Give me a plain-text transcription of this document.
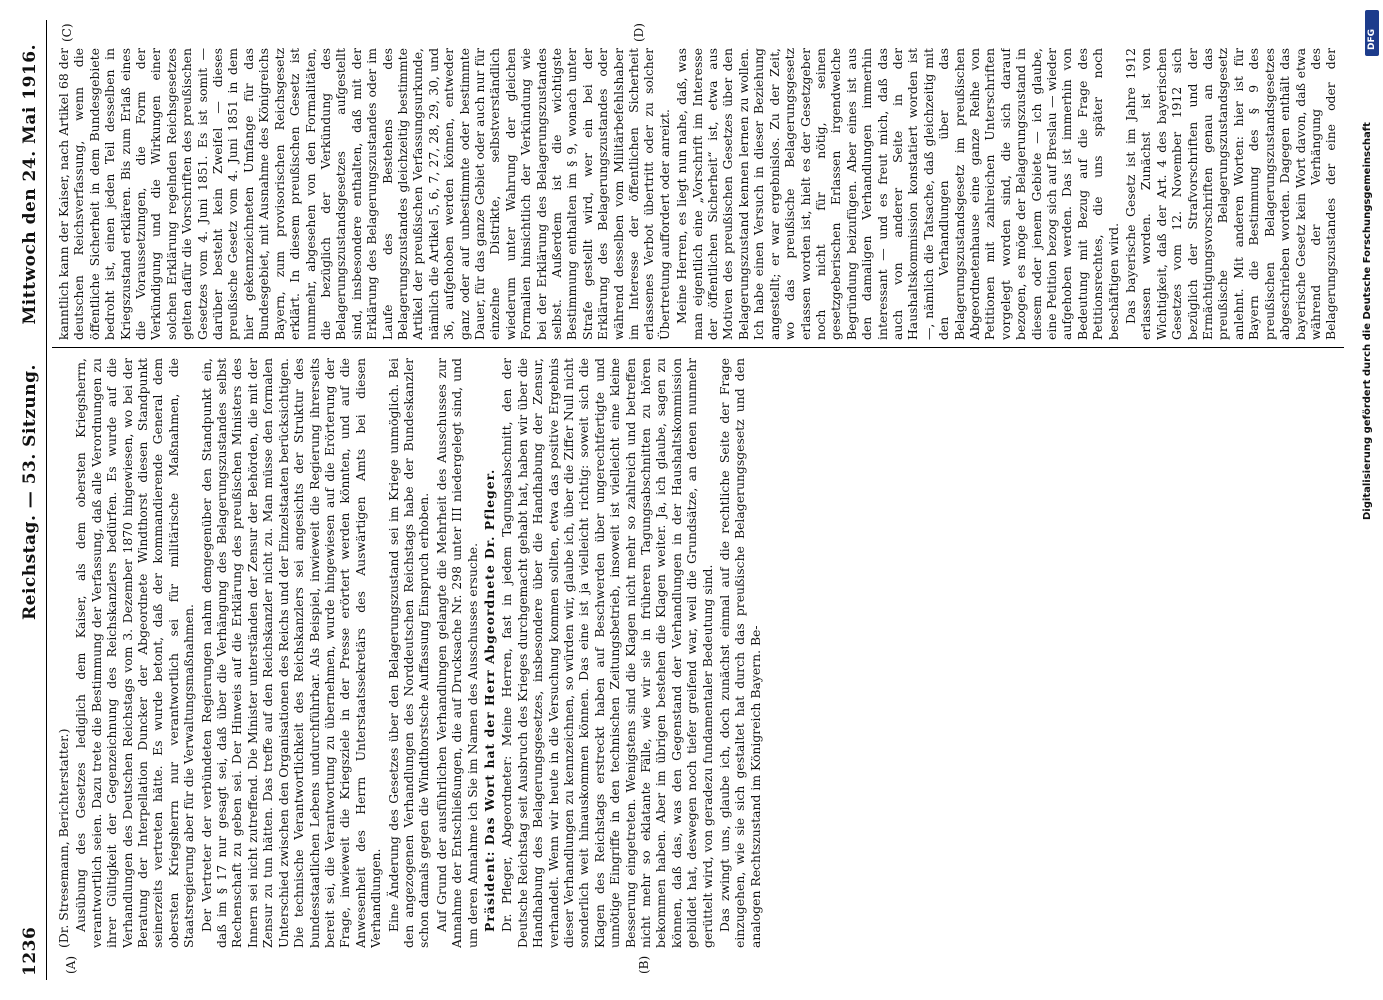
1236
Reichstag. — 53. Sitzung.
Mittwoch den 24. Mai 1916.
(A)	(B)
(C)	(D)

(Dr. Stresemann, Berichterstatter.) Ausübung des Gesetzes lediglich dem Kaiser, als dem obersten Kriegsherrn, verantwortlich seien. Dazu trete die Bestimmung der Verfassung, daß alle Verordnungen zu ihrer Gültigkeit der Gegenzeichnung des Reichskanzlers bedürfen. Es wurde auf die Verhandlungen des Deutschen Reichstags vom 3. Dezember 1870 hingewiesen, wo bei der Beratung der Interpellation Duncker der Abgeordnete Windthorst diesen Standpunkt seinerzeits vertreten hätte. Es wurde betont, daß der kommandierende General dem obersten Kriegsherrn nur verantwortlich sei für militärische Maßnahmen, die Staatsregierung aber für die Verwaltungsmaßnahmen. Der Vertreter der verbündeten Regierungen nahm demgegenüber den Standpunkt ein, daß im § 17 nur gesagt sei, daß über die Verhängung des Belagerungszustandes selbst Rechenschaft zu geben sei. Der Hinweis auf die Erklärung des preußischen Ministers des Innern sei nicht zutreffend. Die Minister unterständen der Zensur der Behörden, die mit der Zensur zu tun hätten. Das treffe auf den Reichskanzler nicht zu. Man müsse den formalen Unterschied zwischen den Organisationen des Reichs und der Einzelstaaten berücksichtigen. Die technische Verantwortlichkeit des Reichskanzlers sei angesichts der Struktur des bundesstaatlichen Lebens undurchführbar. Als Beispiel, inwieweit die Regierung ihrerseits bereit sei, die Verantwortung zu übernehmen, wurde hingewiesen auf die Erörterung der Frage, inwieweit die Kriegsziele in der Presse erörtert werden könnten, und auf die Anwesenheit des Herrn Unterstaatssekretärs des Auswärtigen Amts bei diesen Verhandlungen. Eine Änderung des Gesetzes über den Belagerungszustand sei im Kriege unmöglich. Bei den angezogenen Verhandlungen des Norddeutschen Reichstags habe der Bundeskanzler schon damals gegen die Windthorstsche Auffassung Einspruch erhoben. Auf Grund der ausführlichen Verhandlungen gelangte die Mehrheit des Ausschusses zur Annahme der Entschließungen, die auf Drucksache Nr. 298 unter III niedergelegt sind, und um deren Annahme ich Sie im Namen des Ausschusses ersuche. Präsident: Das Wort hat der Herr Abgeordnete Dr. Pfleger. Dr. Pfleger, Abgeordneter: Meine Herren, fast in jedem Tagungsabschnitt, den der Deutsche Reichstag seit Ausbruch des Krieges durchgemacht gehabt hat, haben wir über die Handhabung des Belagerungsgesetzes, insbesondere über die Handhabung der Zensur, verhandelt. Wenn wir heute in die Versuchung kommen sollten, etwa das positive Ergebnis dieser Verhandlungen zu kennzeichnen, so würden wir, glaube ich, über die Ziffer Null nicht sonderlich weit hinauskommen können. Das eine ist ja vielleicht richtig: soweit sich die Klagen des Reichstags erstreckt haben auf Beschwerden über ungerechtfertigte und unnötige Eingriffe in den technischen Zeitungsbetrieb, insoweit ist vielleicht eine kleine Besserung eingetreten. Wenigstens sind die Klagen nicht mehr so zahlreich und betreffen nicht mehr so eklatante Fälle, wie wir sie in früheren Tagungsabschnitten zu hören bekommen haben. Aber im übrigen bestehen die Klagen weiter. Ja, ich glaube, sagen zu können, daß das, was den Gegenstand der Verhandlungen in der Haushaltskommission gebildet hat, deswegen noch tiefer greifend war, weil die Grundsätze, an denen nunmehr gerüttelt wird, von geradezu fundamentaler Bedeutung sind. Das zwingt uns, glaube ich, doch zunächst einmal auf die rechtliche Seite der Frage einzugehen, wie sie sich gestaltet hat durch das preußische Belagerungsgesetz und den analogen Rechtszustand im Königreich Bayern. Be-

kanntlich kann der Kaiser, nach Artikel 68 der deutschen Reichsverfassung, wenn die öffentliche Sicherheit in dem Bundesgebiete bedroht ist, einen jeden Teil desselben in Kriegszustand erklären. Bis zum Erlaß eines die Voraussetzungen, die Form der Verkündigung und die Wirkungen einer solchen Erklärung regelnden Reichsgesetzes gelten dafür die Vorschriften des preußischen Gesetzes vom 4. Juni 1851. Es ist somit — darüber besteht kein Zweifel — dieses preußische Gesetz vom 4. Juni 1851 in dem hier gekennzeichneten Umfange für das Bundesgebiet, mit Ausnahme des Königreichs Bayern, zum provisorischen Reichsgesetz erklärt. In diesem preußischen Gesetz ist nunmehr, abgesehen von den Formalitäten, die bezüglich der Verkündung des Belagerungszustandsgesetzes aufgestellt sind, insbesondere enthalten, daß mit der Erklärung des Belagerungszustandes oder im Laufe des Bestehens des Belagerungszustandes gleichzeitig bestimmte Artikel der preußischen Verfassungsurkunde, nämlich die Artikel 5, 6, 7, 27, 28, 29, 30, und 36, aufgehoben werden können, entweder ganz oder auf unbestimmte oder bestimmte Dauer, für das ganze Gebiet oder auch nur für einzelne Distrikte, selbstverständlich wiederum unter Wahrung der gleichen Formalien hinsichtlich der Verkündung wie bei der Erklärung des Belagerungszustandes selbst. Außerdem ist die wichtigste Bestimmung enthalten im § 9, wonach unter Strafe gestellt wird, wer ein bei der Erklärung des Belagerungszustandes oder während desselben vom Militärbefehlshaber im Interesse der öffentlichen Sicherheit erlassenes Verbot übertritt oder zu solcher Übertretung auffordert oder anreizt. Meine Herren, es liegt nun nahe, daß, was man eigentlich eine „Vorschrift im Interesse der öffentlichen Sicherheit“ ist, etwa aus Motiven des preußischen Gesetzes über den Belagerungszustand kennen lernen zu wollen. Ich habe einen Versuch in dieser Beziehung angestellt; er war ergebnislos. Zu der Zeit, wo das preußische Belagerungsgesetz erlassen worden ist, hielt es der Gesetzgeber noch nicht für nötig, seinen gesetzgeberischen Erlassen irgendwelche Begründung beizufügen. Aber eines ist aus den damaligen Verhandlungen immerhin interessant — und es freut mich, daß das auch von anderer Seite in der Haushaltskommission konstatiert worden ist —, nämlich die Tatsache, daß gleichzeitig mit den Verhandlungen über das Belagerungszustandsgesetz im preußischen Abgeordnetenhause eine ganze Reihe von Petitionen mit zahlreichen Unterschriften vorgelegt worden sind, die sich darauf bezogen, es möge der Belagerungszustand in diesem oder jenem Gebiete — ich glaube, eine Petition bezog sich auf Breslau — wieder aufgehoben werden. Das ist immerhin von Bedeutung mit Bezug auf die Frage des Petitionsrechtes, die uns später noch beschäftigen wird. Das bayerische Gesetz ist im Jahre 1912 erlassen worden. Zunächst ist von Wichtigkeit, daß der Art. 4 des bayerischen Gesetzes vom 12. November 1912 sich bezüglich der Strafvorschriften und der Ermächtigungsvorschriften genau an das preußische Belagerungszustandsgesetz anlehnt. Mit anderen Worten: hier ist für Bayern die Bestimmung des § 9 des preußischen Belagerungszustandsgesetzes abgeschrieben worden. Dagegen enthält das bayerische Gesetz kein Wort davon, daß etwa während der Verhängung des Belagerungszustandes der eine oder der

DFG
Digitalisierung gefördert durch die Deutsche Forschungsgemeinschaft
